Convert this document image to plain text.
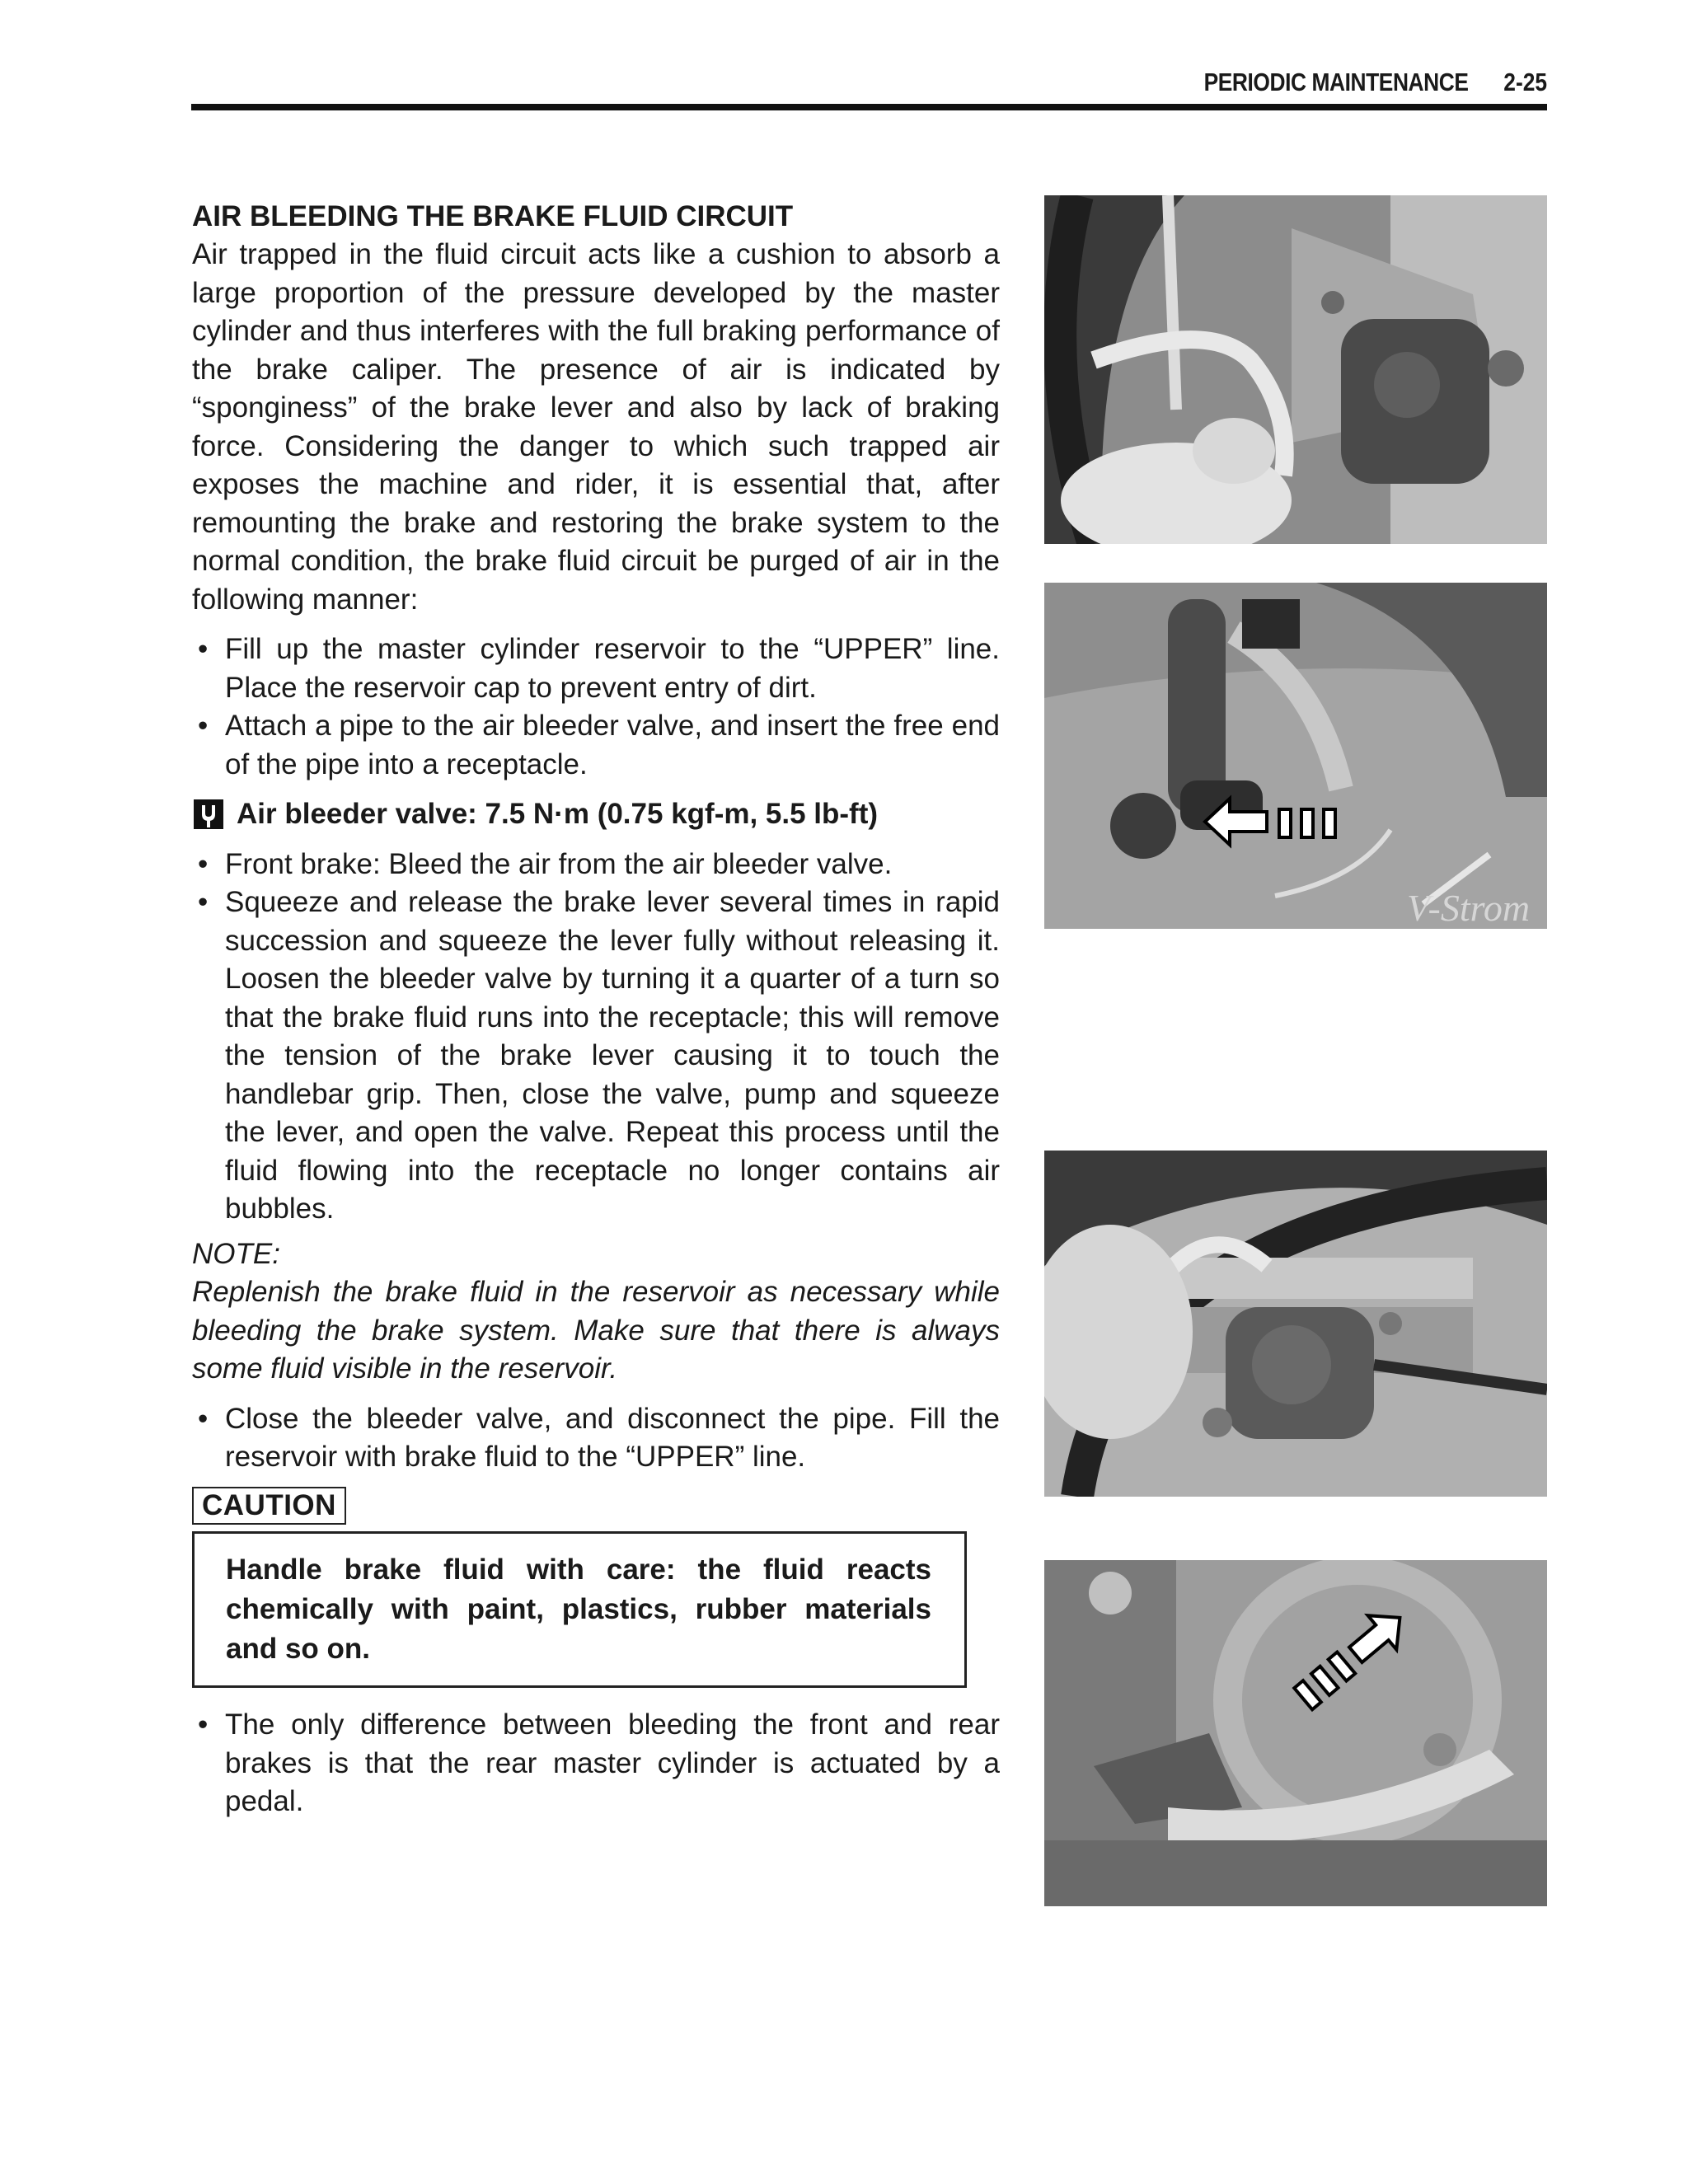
PERIODIC MAINTENANCE 2-25
AIR BLEEDING THE BRAKE FLUID CIRCUIT

Air trapped in the fluid circuit acts like a cushion to absorb a large proportion of the pressure developed by the master cylinder and thus interferes with the full braking performance of the brake caliper. The presence of air is indicated by “sponginess” of the brake lever and also by lack of braking force. Considering the danger to which such trapped air exposes the machine and rider, it is essential that, after remounting the brake and restoring the brake system to the normal condition, the brake fluid circuit be purged of air in the following manner:

• Fill up the master cylinder reservoir to the “UPPER” line. Place the reservoir cap to prevent entry of dirt.
• Attach a pipe to the air bleeder valve, and insert the free end of the pipe into a receptacle.
Air bleeder valve: 7.5 N·m (0.75 kgf-m, 5.5 lb-ft)
• Front brake: Bleed the air from the air bleeder valve.
• Squeeze and release the brake lever several times in rapid succession and squeeze the lever fully without releasing it. Loosen the bleeder valve by turning it a quarter of a turn so that the brake fluid runs into the receptacle; this will remove the tension of the brake lever causing it to touch the handlebar grip. Then, close the valve, pump and squeeze the lever, and open the valve. Repeat this process until the fluid flowing into the receptacle no longer contains air bubbles.
NOTE:

Replenish the brake fluid in the reservoir as necessary while bleeding the brake system. Make sure that there is always some fluid visible in the reservoir.

• Close the bleeder valve, and disconnect the pipe. Fill the reservoir with brake fluid to the “UPPER” line.
CAUTION
Handle brake fluid with care: the fluid reacts chemically with paint, plastics, rubber materials and so on.
• The only difference between bleeding the front and rear brakes is that the rear master cylinder is actuated by a pedal.
V-Strom
